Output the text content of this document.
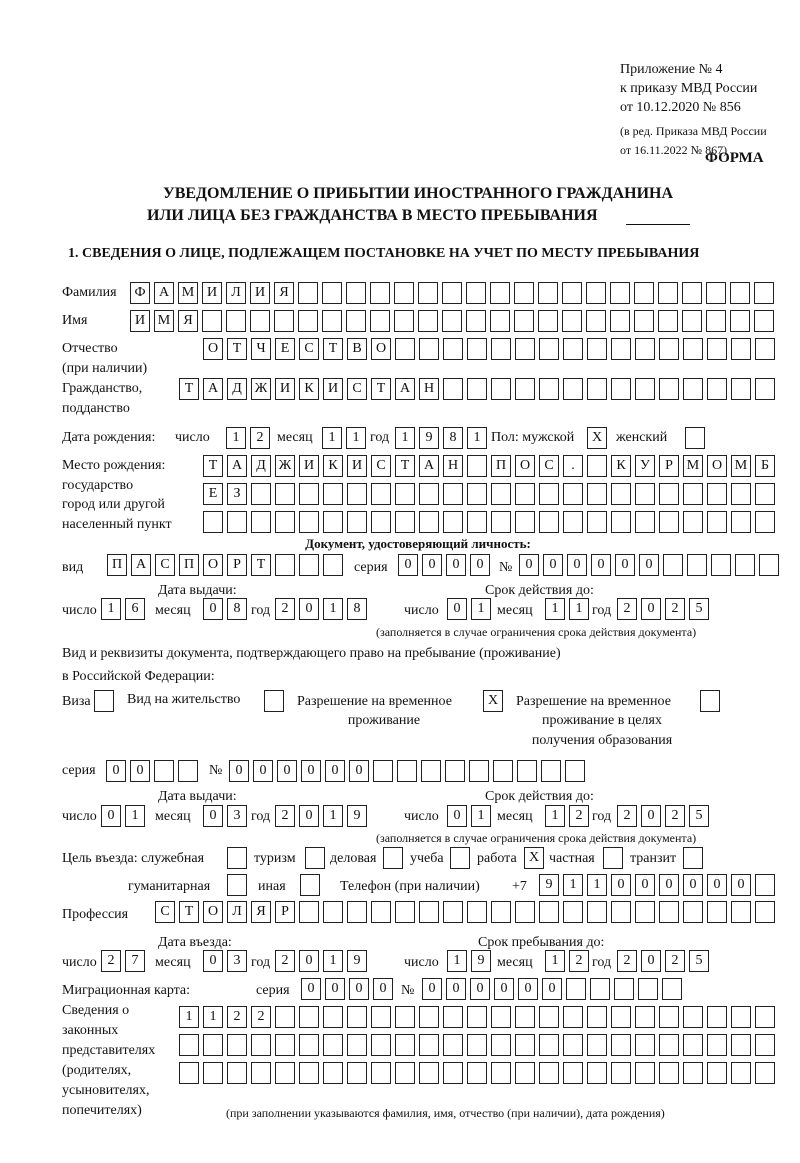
Приложение № 4
к приказу МВД России
от 10.12.2020 № 856
(в ред. Приказа МВД России
от 16.11.2022 № 867)
ФОРМА
УВЕДОМЛЕНИЕ О ПРИБЫТИИ ИНОСТРАННОГО ГРАЖДАНИНА
ИЛИ ЛИЦА БЕЗ ГРАЖДАНСТВА В МЕСТО ПРЕБЫВАНИЯ
1. СВЕДЕНИЯ О ЛИЦЕ, ПОДЛЕЖАЩЕМ ПОСТАНОВКЕ НА УЧЕТ ПО МЕСТУ ПРЕБЫВАНИЯ
Фамилия	Ф А М И	Л	И	Я
Имя	И М Я
Отчество
(при наличии)
О	Т	Ч	Е	С	Т	В	О
Гражданство,
подданство
Т	А	Д Ж И	К	И	С	Т	А Н
Дата рождения: число	1	2 месяц	1	1 год 1	9	8	1 Пол: мужской	X женский
Место рождения:
государство
город или другой
населенный пункт
Т	А	Д Ж И	К	И	С	Т	А Н	П О	С	.	К	У	Р М О М Б
Е	З
Документ, удостоверяющий личность:
вид	П А	С	П О	Р	Т	серия	0	0	0	0	№ 0	0	0	0	0	0
Дата выдачи:	Срок действия до:
число 1	6	месяц	0	8 год 2	0	1	8	число	0	1 месяц	1	1 год 2	0	2	5
(заполняется в случае ограничения срока действия документа)
Вид и реквизиты документа, подтверждающего право на пребывание (проживание)
в Российской Федерации:
Виза	Вид на жительство	Разрешение на временное
проживание
X	Разрешение на временное
проживание в целях
получения образования
серия	0	0	№ 0	0	0	0	0	0
Дата выдачи:	Срок действия до:
число 0	1	месяц	0	3 год 2	0	1	9	число	0	1 месяц	1	2 год 2	0	2	5
(заполняется в случае ограничения срока действия документа)
Цель въезда: служебная	туризм деловая учеба работа X частная	транзит
гуманитарная	иная	Телефон (при наличии) +7	9	1	1	0	0	0	0	0	0
Профессия	С	Т	О	Л	Я	Р
Дата въезда:	Срок пребывания до:
число 2	7	месяц	0	3 год 2	0	1	9	число	1	9 месяц	1	2 год 2	0	2	5
Миграционная карта:	серия	0	0	0	0	№	0	0	0	0	0	0
Сведения о
законных
представителях
(родителях,
усыновителях,
попечителях)
1	1	2	2
(при заполнении указываются фамилия, имя, отчество (при наличии), дата рождения)
